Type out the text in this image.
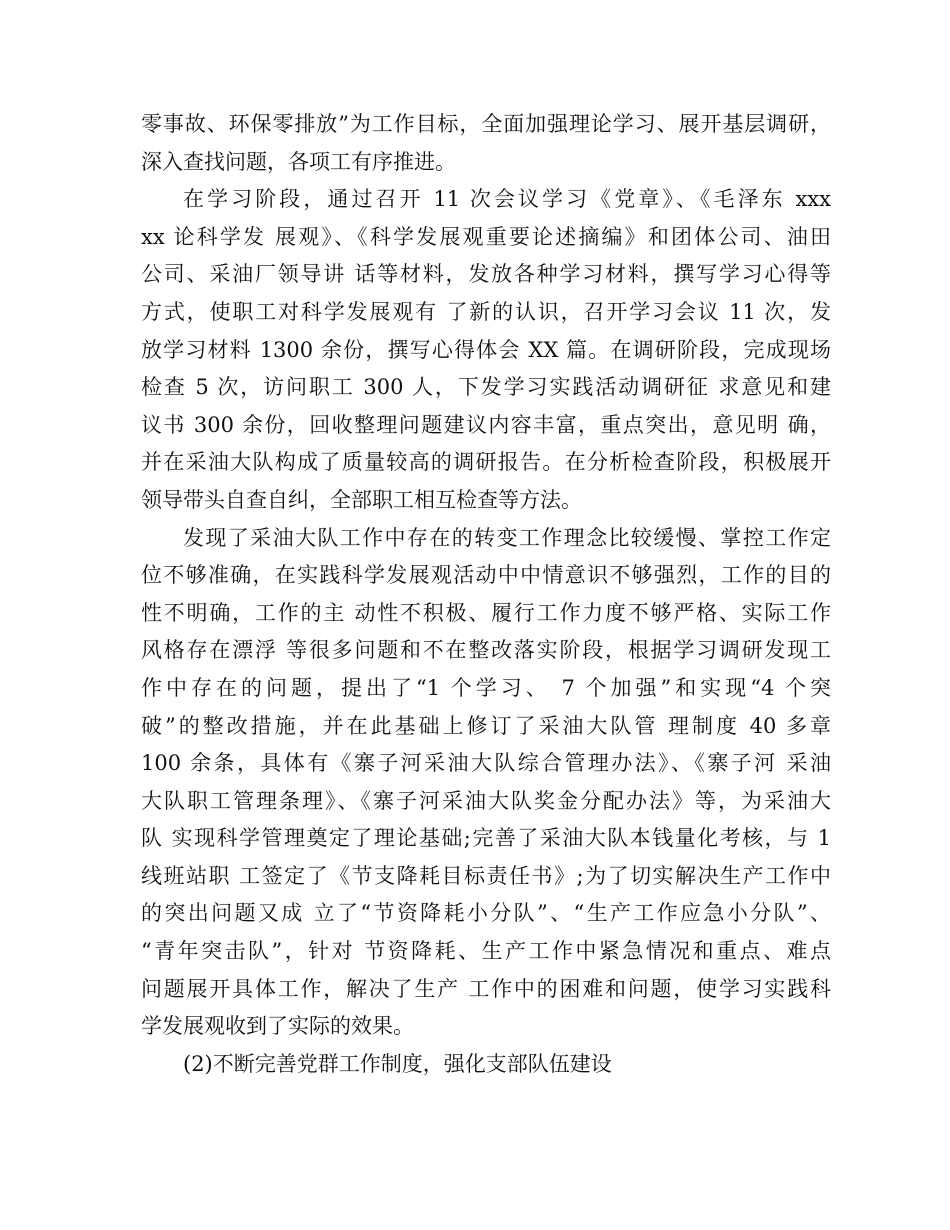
零事故、环保零排放”为工作目标，全面加强理论学习、展开基层调研，
深入查找问题，各项工有序推进。
在学习阶段，通过召开 11 次会议学习《党章》、《毛泽东 xxx
xx 论科学发 展观》、《科学发展观重要论述摘编》和团体公司、油田
公司、采油厂领导讲 话等材料，发放各种学习材料，撰写学习心得等
方式，使职工对科学发展观有 了新的认识，召开学习会议 11 次，发
放学习材料 1300 余份，撰写心得体会 XX 篇。在调研阶段，完成现场
检查 5 次，访问职工 300 人，下发学习实践活动调研征 求意见和建
议书 300 余份，回收整理问题建议内容丰富，重点突出，意见明 确，
并在采油大队构成了质量较高的调研报告。在分析检查阶段，积极展开
领导带头自查自纠，全部职工相互检查等方法。
发现了采油大队工作中存在的转变工作理念比较缓慢、掌控工作定
位不够准确，在实践科学发展观活动中中情意识不够强烈，工作的目的
性不明确，工作的主 动性不积极、履行工作力度不够严格、实际工作
风格存在漂浮 等很多问题和不在整改落实阶段，根据学习调研发现工
作中存在的问题，提出了“1 个学习、 7 个加强”和实现“4 个突
破”的整改措施，并在此基础上修订了采油大队管 理制度 40 多章
100 余条，具体有《寨子河采油大队综合管理办法》、《寨子河 采油
大队职工管理条理》、《寨子河采油大队奖金分配办法》等，为采油大
队 实现科学管理奠定了理论基础;完善了采油大队本钱量化考核，与 1
线班站职 工签定了《节支降耗目标责任书》;为了切实解决生产工作中
的突出问题又成 立了“节资降耗小分队”、“生产工作应急小分队”、
“青年突击队”，针对 节资降耗、生产工作中紧急情况和重点、难点
问题展开具体工作，解决了生产 工作中的困难和问题，使学习实践科
学发展观收到了实际的效果。
(2)不断完善党群工作制度，强化支部队伍建设
